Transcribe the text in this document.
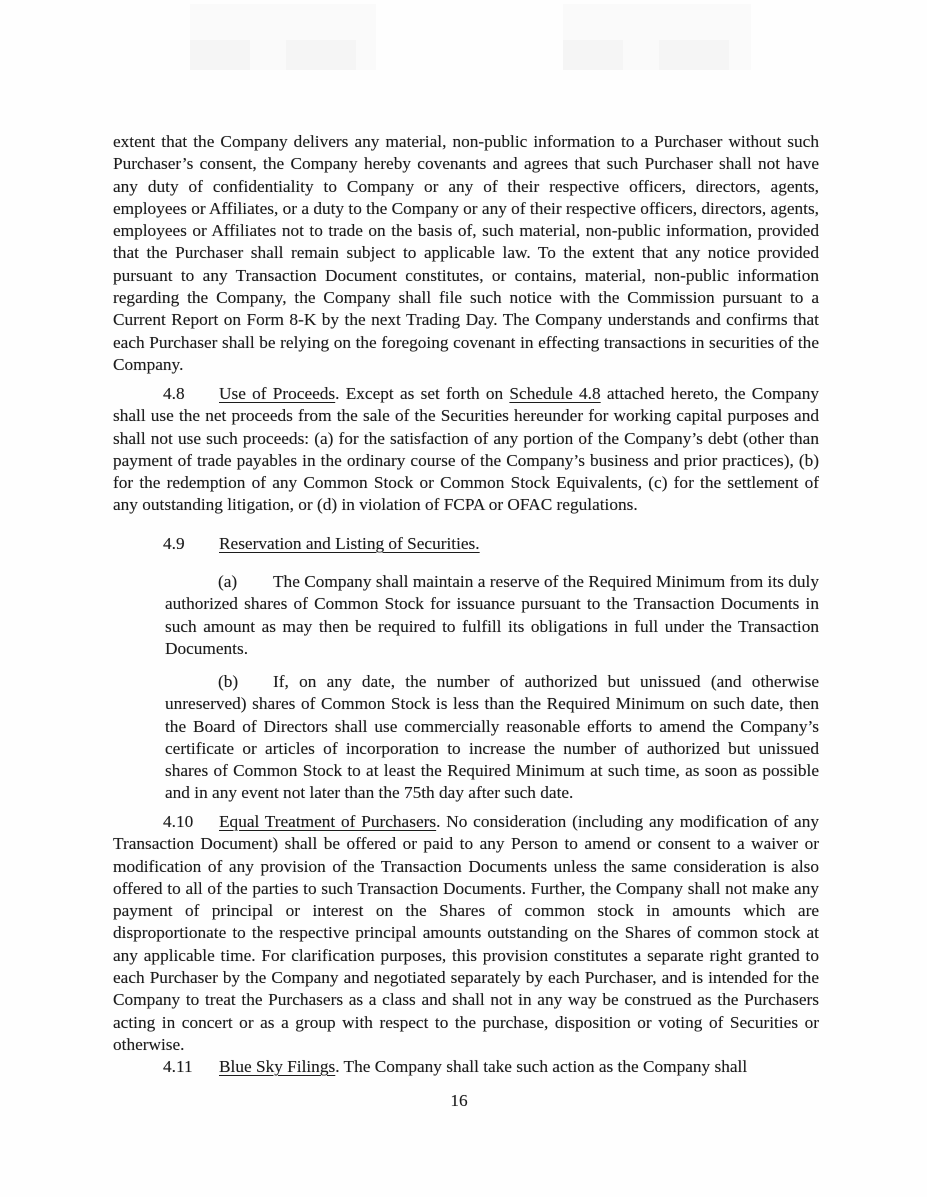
extent that the Company delivers any material, non-public information to a Purchaser without such Purchaser’s consent, the Company hereby covenants and agrees that such Purchaser shall not have any duty of confidentiality to Company or any of their respective officers, directors, agents, employees or Affiliates, or a duty to the Company or any of their respective officers, directors, agents, employees or Affiliates not to trade on the basis of, such material, non-public information, provided that the Purchaser shall remain subject to applicable law. To the extent that any notice provided pursuant to any Transaction Document constitutes, or contains, material, non-public information regarding the Company, the Company shall file such notice with the Commission pursuant to a Current Report on Form 8-K by the next Trading Day. The Company understands and confirms that each Purchaser shall be relying on the foregoing covenant in effecting transactions in securities of the Company.

4.8 Use of Proceeds. Except as set forth on Schedule 4.8 attached hereto, the Company shall use the net proceeds from the sale of the Securities hereunder for working capital purposes and shall not use such proceeds: (a) for the satisfaction of any portion of the Company’s debt (other than payment of trade payables in the ordinary course of the Company’s business and prior practices), (b) for the redemption of any Common Stock or Common Stock Equivalents, (c) for the settlement of any outstanding litigation, or (d) in violation of FCPA or OFAC regulations.

4.9 Reservation and Listing of Securities.

(a) The Company shall maintain a reserve of the Required Minimum from its duly authorized shares of Common Stock for issuance pursuant to the Transaction Documents in such amount as may then be required to fulfill its obligations in full under the Transaction Documents.

(b) If, on any date, the number of authorized but unissued (and otherwise unreserved) shares of Common Stock is less than the Required Minimum on such date, then the Board of Directors shall use commercially reasonable efforts to amend the Company’s certificate or articles of incorporation to increase the number of authorized but unissued shares of Common Stock to at least the Required Minimum at such time, as soon as possible and in any event not later than the 75th day after such date.

4.10 Equal Treatment of Purchasers. No consideration (including any modification of any Transaction Document) shall be offered or paid to any Person to amend or consent to a waiver or modification of any provision of the Transaction Documents unless the same consideration is also offered to all of the parties to such Transaction Documents. Further, the Company shall not make any payment of principal or interest on the Shares of common stock in amounts which are disproportionate to the respective principal amounts outstanding on the Shares of common stock at any applicable time. For clarification purposes, this provision constitutes a separate right granted to each Purchaser by the Company and negotiated separately by each Purchaser, and is intended for the Company to treat the Purchasers as a class and shall not in any way be construed as the Purchasers acting in concert or as a group with respect to the purchase, disposition or voting of Securities or otherwise.

4.11 Blue Sky Filings. The Company shall take such action as the Company shall

16
